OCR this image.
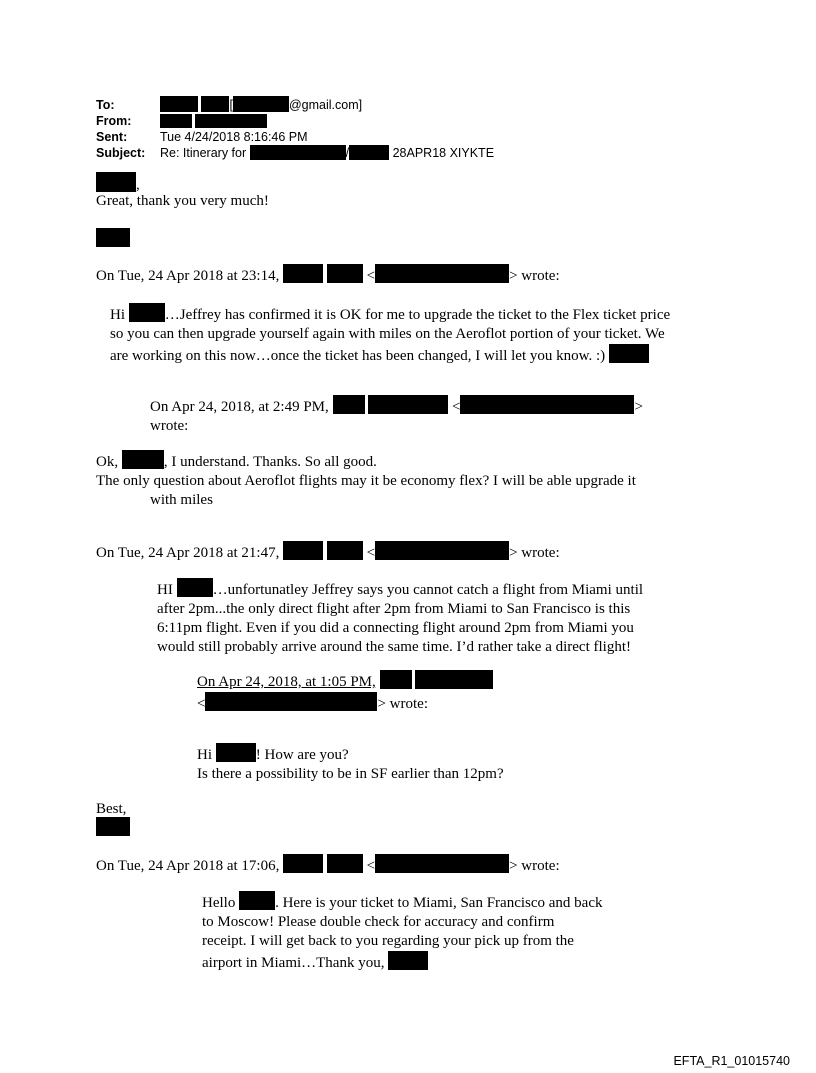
To:	[	@gmail.com]
From:
Sent:	Tue 4/24/2018 8:16:46 PM
Subject: Re: Itinerary for	/	28APR18 XIYKTE
,
Great, thank you very much!
On Tue, 24 Apr 2018 at 23:14,	<	> wrote:
Hi	…Jeffrey has confirmed it is OK for me to upgrade the ticket to the Flex ticket price
so you can then upgrade yourself again with miles on the Aeroflot portion of your ticket. We
are working on this now…once the ticket has been changed, I will let you know. :)
On Apr 24, 2018, at 2:49 PM,	<	>
wrote:
Ok,	, I understand. Thanks. So all good.
The only question about Aeroflot flights may it be economy flex? I will be able upgrade it
with miles
On Tue, 24 Apr 2018 at 21:47,	<	> wrote:
HI	…unfortunatley Jeffrey says you cannot catch a flight from Miami until
after 2pm...the only direct flight after 2pm from Miami to San Francisco is this
6:11pm flight. Even if you did a connecting flight around 2pm from Miami you
would still probably arrive around the same time. I’d rather take a direct flight!
On Apr 24, 2018, at 1:05 PM,
<	> wrote:
Hi	! How are you?
Is there a possibility to be in SF earlier than 12pm?
Best,
On Tue, 24 Apr 2018 at 17:06,	<	> wrote:
Hello	. Here is your ticket to Miami, San Francisco and back
to Moscow! Please double check for accuracy and confirm
receipt. I will get back to you regarding your pick up from the
airport in Miami…Thank you,
EFTA_R1_01015740
